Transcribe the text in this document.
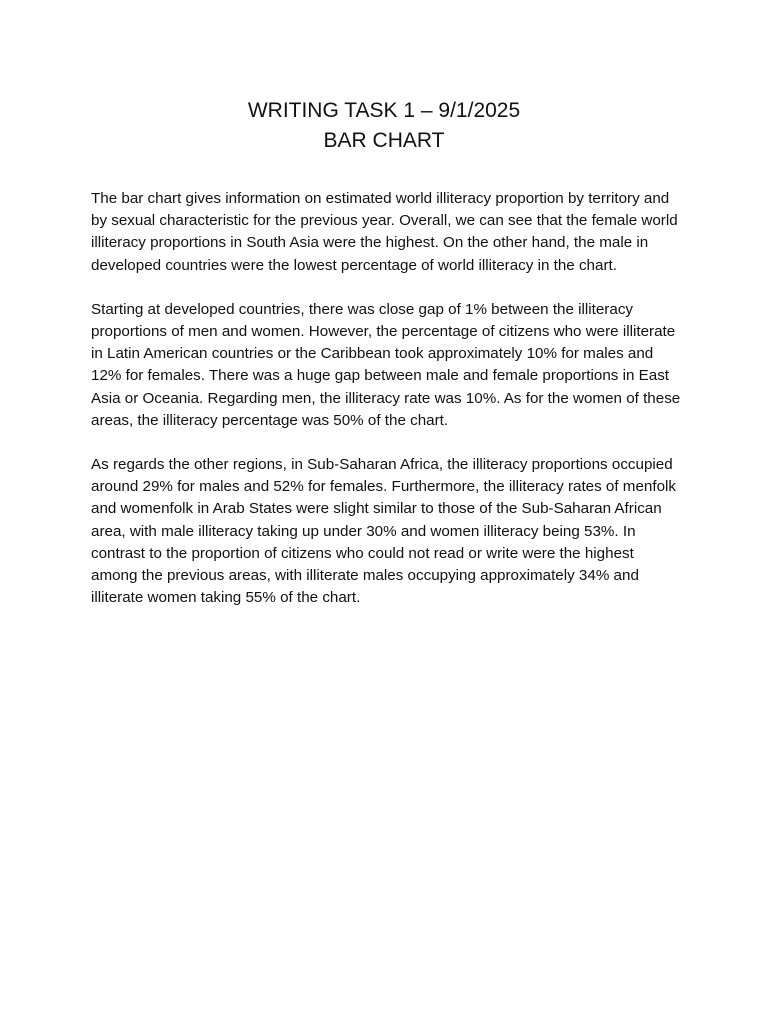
WRITING TASK 1 – 9/1/2025
BAR CHART

The bar chart gives information on estimated world illiteracy proportion by territory and by sexual characteristic for the previous year. Overall, we can see that the female world illiteracy proportions in South Asia were the highest. On the other hand, the male in developed countries were the lowest percentage of world illiteracy in the chart.

Starting at developed countries, there was close gap of 1% between the illiteracy proportions of men and women. However, the percentage of citizens who were illiterate in Latin American countries or the Caribbean took approximately 10% for males and 12% for females. There was a huge gap between male and female proportions in East Asia or Oceania. Regarding men, the illiteracy rate was 10%. As for the women of these areas, the illiteracy percentage was 50% of the chart.

As regards the other regions, in Sub-Saharan Africa, the illiteracy proportions occupied around 29% for males and 52% for females. Furthermore, the illiteracy rates of menfolk and womenfolk in Arab States were slight similar to those of the Sub-Saharan African area, with male illiteracy taking up under 30% and women illiteracy being 53%. In contrast to the proportion of citizens who could not read or write were the highest among the previous areas, with illiterate males occupying approximately 34% and illiterate women taking 55% of the chart.
